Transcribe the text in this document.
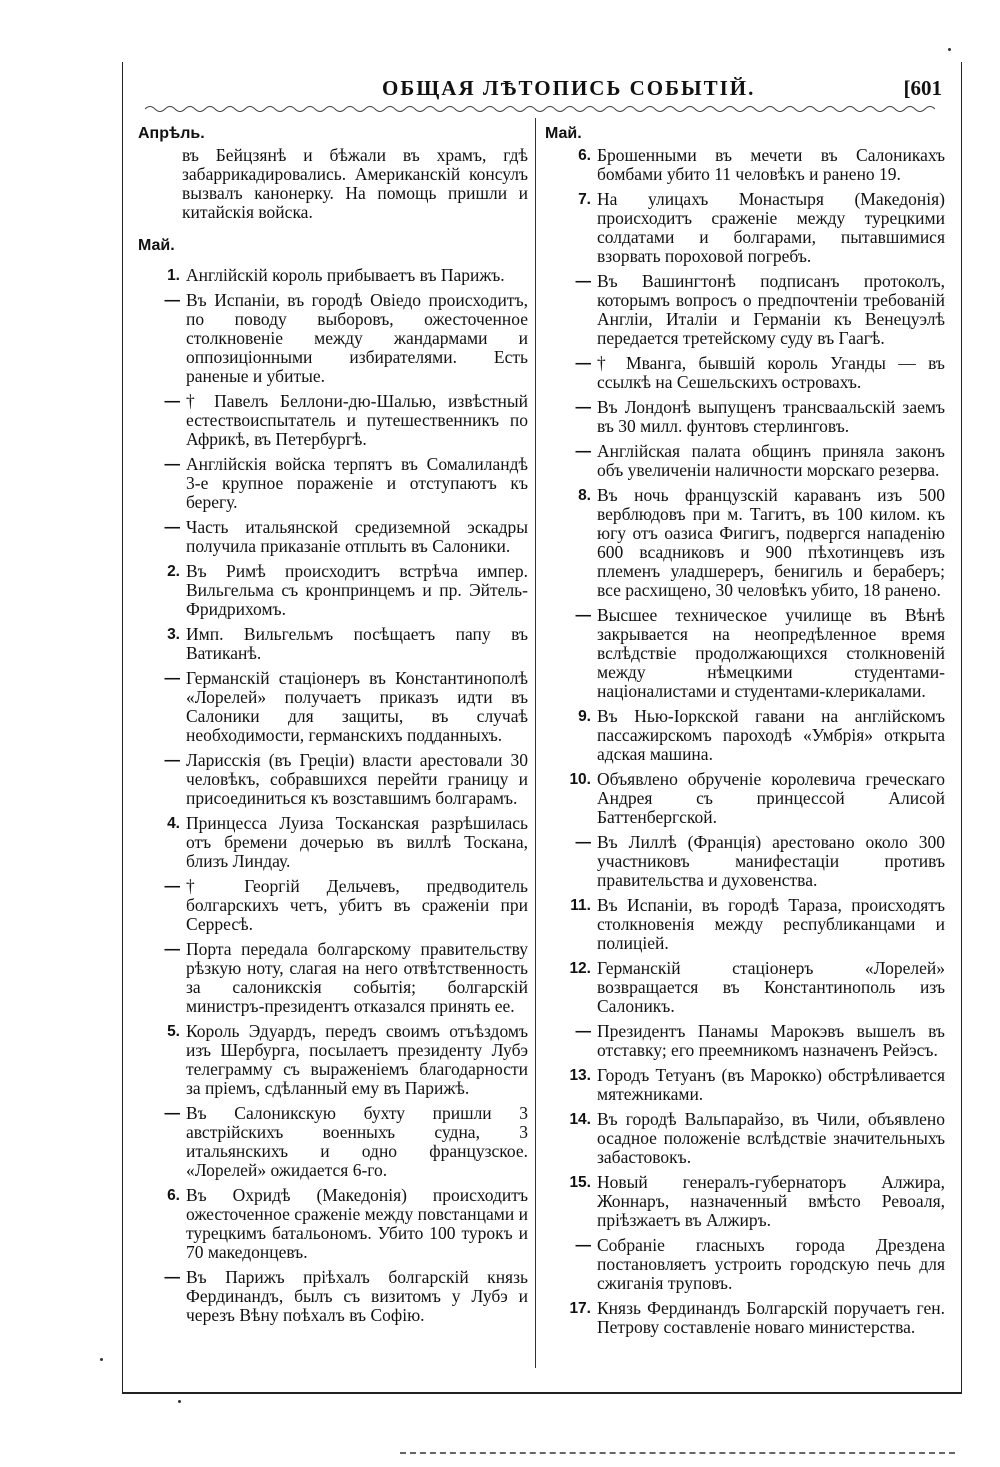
ОБЩАЯ ЛѢТОПИСЬ СОБЫТІЙ.	[601
Апрѣль.
въ Бейцзянѣ и бѣжали въ храмъ, гдѣ забаррикадировались. Американскій консулъ вызвалъ канонерку. На помощь пришли и китайскія войска.
Май.
1. Англійскій король прибываетъ въ Парижъ.
— Въ Испаніи, въ городѣ Овіедо происходитъ, по поводу выборовъ, ожесточенное столкновеніе между жандармами и оппозиціонными избирателями. Есть раненые и убитые.
— † Павелъ Беллони-дю-Шалью, извѣстный естествоиспытатель и путешественникъ по Африкѣ, въ Петербургѣ.
— Англійскія войска терпятъ въ Сомалиландѣ 3-е крупное пораженіе и отступаютъ къ берегу.
— Часть итальянской средиземной эскадры получила приказаніе отплыть въ Салоники.
2. Въ Римѣ происходитъ встрѣча импер. Вильгельма съ кронпринцемъ и пр. Эйтель-Фридрихомъ.
3. Имп. Вильгельмъ посѣщаетъ папу въ Ватиканѣ.
— Германскій стаціонеръ въ Константинополѣ «Лорелей» получаетъ приказъ идти въ Салоники для защиты, въ случаѣ необходимости, германскихъ подданныхъ.
— Ларисскія (въ Греціи) власти арестовали 30 человѣкъ, собравшихся перейти границу и присоединиться къ возставшимъ болгарамъ.
4. Принцесса Луиза Тосканская разрѣшилась отъ бремени дочерью въ виллѣ Тоскана, близъ Линдау.
— † Георгій Дельчевъ, предводитель болгарскихъ четъ, убитъ въ сраженіи при Серресѣ.
— Порта передала болгарскому правительству рѣзкую ноту, слагая на него отвѣтственность за салоникскія событія; болгарскій министръ-президентъ отказался принять ее.
5. Король Эдуардъ, передъ своимъ отъѣздомъ изъ Шербурга, посылаетъ президенту Лубэ телеграмму съ выраженіемъ благодарности за пріемъ, сдѣланный ему въ Парижѣ.
— Въ Салоникскую бухту пришли 3 австрійскихъ военныхъ судна, 3 итальянскихъ и одно французское. «Лорелей» ожидается 6-го.
6. Въ Охридѣ (Македонія) происходитъ ожесточенное сраженіе между повстанцами и турецкимъ батальономъ. Убито 100 турокъ и 70 македонцевъ.
— Въ Парижъ пріѣхалъ болгарскій князь Фердинандъ, былъ съ визитомъ у Лубэ и черезъ Вѣну поѣхалъ въ Софію.
Май.
6. Брошенными въ мечети въ Салоникахъ бомбами убито 11 человѣкъ и ранено 19.
7. На улицахъ Монастыря (Македонія) происходитъ сраженіе между турецкими солдатами и болгарами, пытавшимися взорвать пороховой погребъ.
— Въ Вашингтонѣ подписанъ протоколъ, которымъ вопросъ о предпочтеніи требованій Англіи, Италіи и Германіи къ Венецуэлѣ передается третейскому суду въ Гаагѣ.
— † Мванга, бывшій король Уганды — въ ссылкѣ на Сешельскихъ островахъ.
— Въ Лондонѣ выпущенъ трансваальскій заемъ въ 30 милл. фунтовъ стерлинговъ.
— Англійская палата общинъ приняла законъ объ увеличеніи наличности морскаго резерва.
8. Въ ночь французскій караванъ изъ 500 верблюдовъ при м. Тагитъ, въ 100 килом. къ югу отъ оазиса Фигигъ, подвергся нападенію 600 всадниковъ и 900 пѣхотинцевъ изъ племенъ уладшереръ, бенигиль и бераберъ; все расхищено, 30 человѣкъ убито, 18 ранено.
— Высшее техническое училище въ Вѣнѣ закрывается на неопредѣленное время вслѣдствіе продолжающихся столкновеній между нѣмецкими студентами-націоналистами и студентами-клерикалами.
9. Въ Нью-Іоркской гавани на англійскомъ пассажирскомъ пароходѣ «Умбрія» открыта адская машина.
10. Объявлено обрученіе королевича греческаго Андрея съ принцессой Алисой Баттенбергской.
— Въ Лиллѣ (Франція) арестовано около 300 участниковъ манифестаціи противъ правительства и духовенства.
11. Въ Испаніи, въ городѣ Тараза, происходятъ столкновенія между республиканцами и полиціей.
12. Германскій стаціонеръ «Лорелей» возвращается въ Константинополь изъ Салоникъ.
— Президентъ Панамы Марокэвъ вышелъ въ отставку; его преемникомъ назначенъ Рейэсъ.
13. Городъ Тетуанъ (въ Марокко) обстрѣливается мятежниками.
14. Въ городѣ Вальпарайзо, въ Чили, объявлено осадное положеніе вслѣдствіе значительныхъ забастовокъ.
15. Новый генералъ-губернаторъ Алжира, Жоннаръ, назначенный вмѣсто Ревоаля, пріѣзжаетъ въ Алжиръ.
— Собраніе гласныхъ города Дрездена постановляетъ устроить городскую печь для сжиганія труповъ.
17. Князь Фердинандъ Болгарскій поручаетъ ген. Петрову составленіе новаго министерства.
